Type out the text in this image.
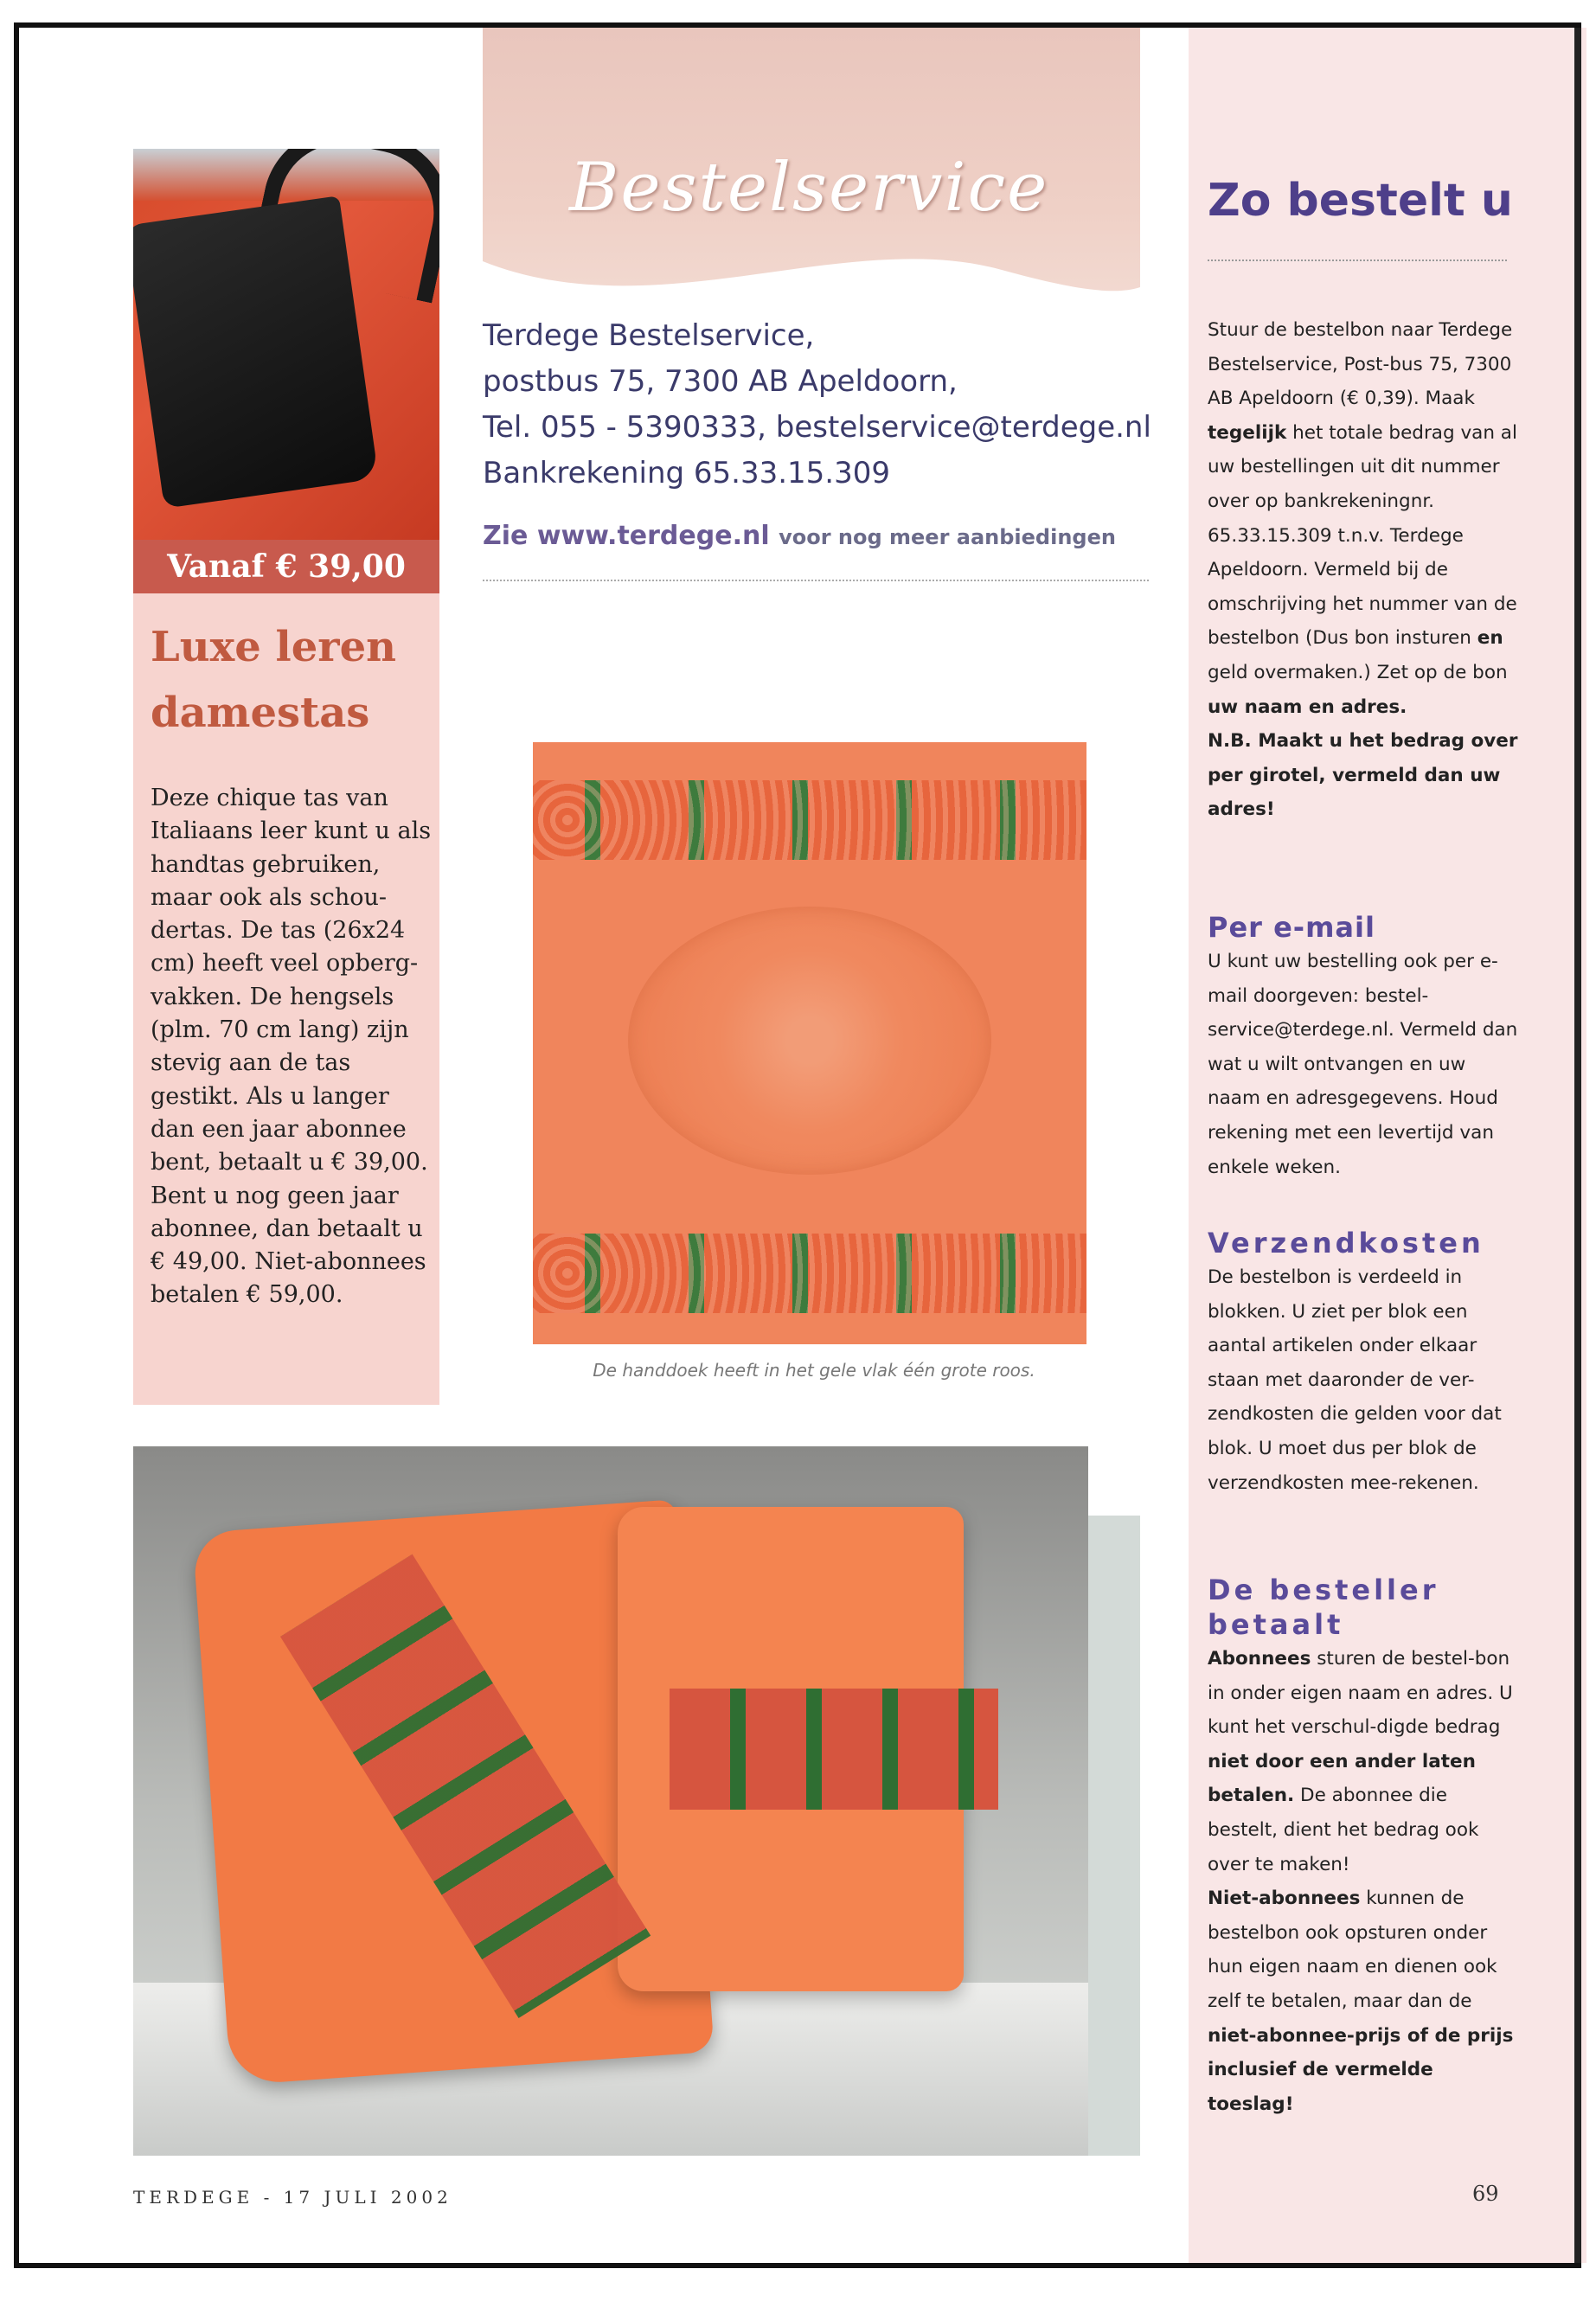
Vanaf € 39,00
Luxe leren damestas

Deze chique tas van Italiaans leer kunt u als handtas gebruiken, maar ook als schou-dertas. De tas (26x24 cm) heeft veel opberg-vakken. De hengsels (plm. 70 cm lang) zijn stevig aan de tas gestikt. Als u langer dan een jaar abonnee bent, betaalt u € 39,00. Bent u nog geen jaar abonnee, dan betaalt u € 49,00. Niet-abonnees betalen € 59,00.

Bestelservice
Terdege Bestelservice,
postbus 75, 7300 AB Apeldoorn,
Tel. 055 - 5390333, bestelservice@terdege.nl
Bankrekening 65.33.15.309
Zie www.terdege.nl voor nog meer aanbiedingen
De handdoek heeft in het gele vlak één grote roos.
TERDEGE - 17 JULI 2002	69
Zo bestelt u

Stuur de bestelbon naar Terdege Bestelservice, Post-bus 75, 7300 AB Apeldoorn (€ 0,39). Maak tegelijk het totale bedrag van al uw bestellingen uit dit nummer over op bankrekeningnr. 65.33.15.309 t.n.v. Terdege Apeldoorn. Vermeld bij de omschrijving het nummer van de bestelbon (Dus bon insturen en geld overmaken.) Zet op de bon uw naam en adres.
N.B. Maakt u het bedrag over per girotel, vermeld dan uw adres!

Per e-mail

U kunt uw bestelling ook per e-mail doorgeven: bestel-service@terdege.nl. Vermeld dan wat u wilt ontvangen en uw naam en adresgegevens. Houd rekening met een levertijd van enkele weken.

Verzendkosten

De bestelbon is verdeeld in blokken. U ziet per blok een aantal artikelen onder elkaar staan met daaronder de ver-zendkosten die gelden voor dat blok. U moet dus per blok de verzendkosten mee-rekenen.

De besteller betaalt

Abonnees sturen de bestel-bon in onder eigen naam en adres. U kunt het verschul-digde bedrag niet door een ander laten betalen. De abonnee die bestelt, dient het bedrag ook over te maken!
Niet-abonnees kunnen de bestelbon ook opsturen onder hun eigen naam en dienen ook zelf te betalen, maar dan de niet-abonnee-prijs of de prijs inclusief de vermelde toeslag!
